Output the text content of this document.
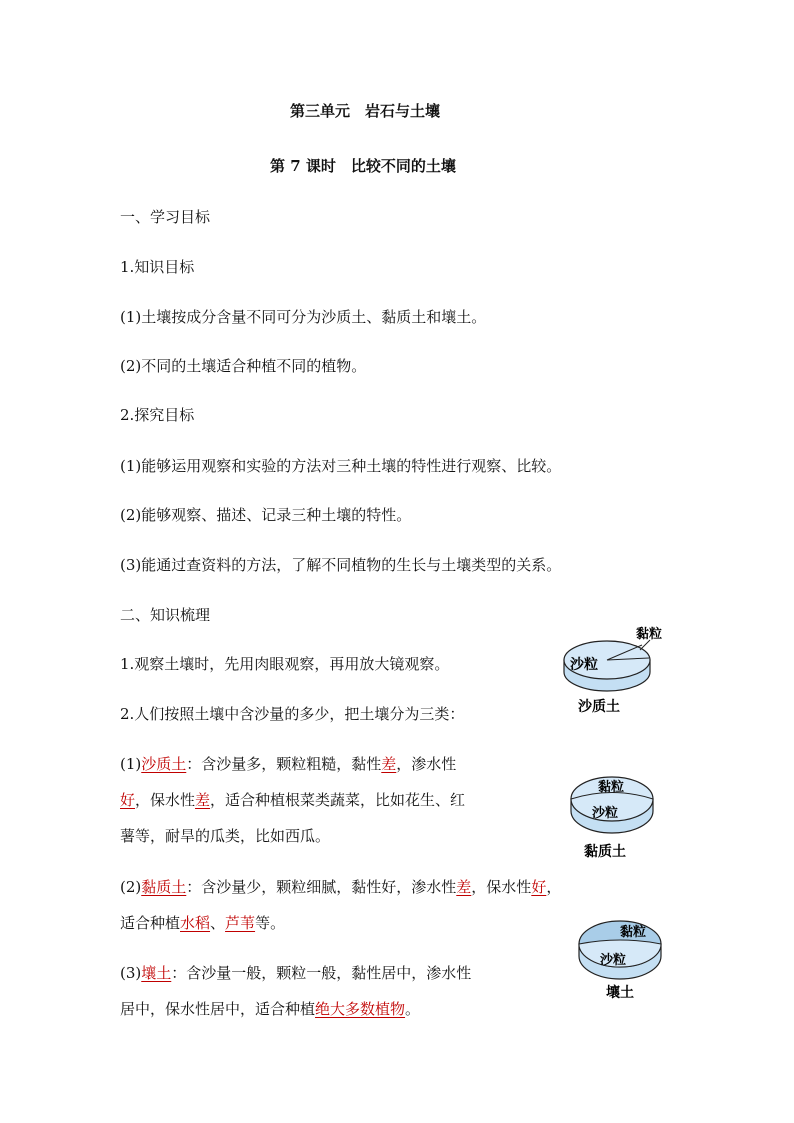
第三单元　岩石与土壤

第 7 课时　比较不同的土壤

一、学习目标

1.知识目标

(1)土壤按成分含量不同可分为沙质土、黏质土和壤土。

(2)不同的土壤适合种植不同的植物。

2.探究目标

(1)能够运用观察和实验的方法对三种土壤的特性进行观察、比较。

(2)能够观察、描述、记录三种土壤的特性。

(3)能通过查资料的方法，了解不同植物的生长与土壤类型的关系。

二、知识梳理

1.观察土壤时，先用肉眼观察，再用放大镜观察。

2.人们按照土壤中含沙量的多少，把土壤分为三类：

(1)沙质土：含沙量多，颗粒粗糙，黏性差，渗水性

好，保水性差，适合种植根菜类蔬菜，比如花生、红

薯等，耐旱的瓜类，比如西瓜。

(2)黏质土：含沙量少，颗粒细腻，黏性好，渗水性差，保水性好，

适合种植水稻、芦苇等。

(3)壤土：含沙量一般，颗粒一般，黏性居中，渗水性

居中，保水性居中，适合种植绝大多数植物。

黏粒
沙粒
沙质土
黏粒
沙粒
黏质土
黏粒
沙粒
壤土
